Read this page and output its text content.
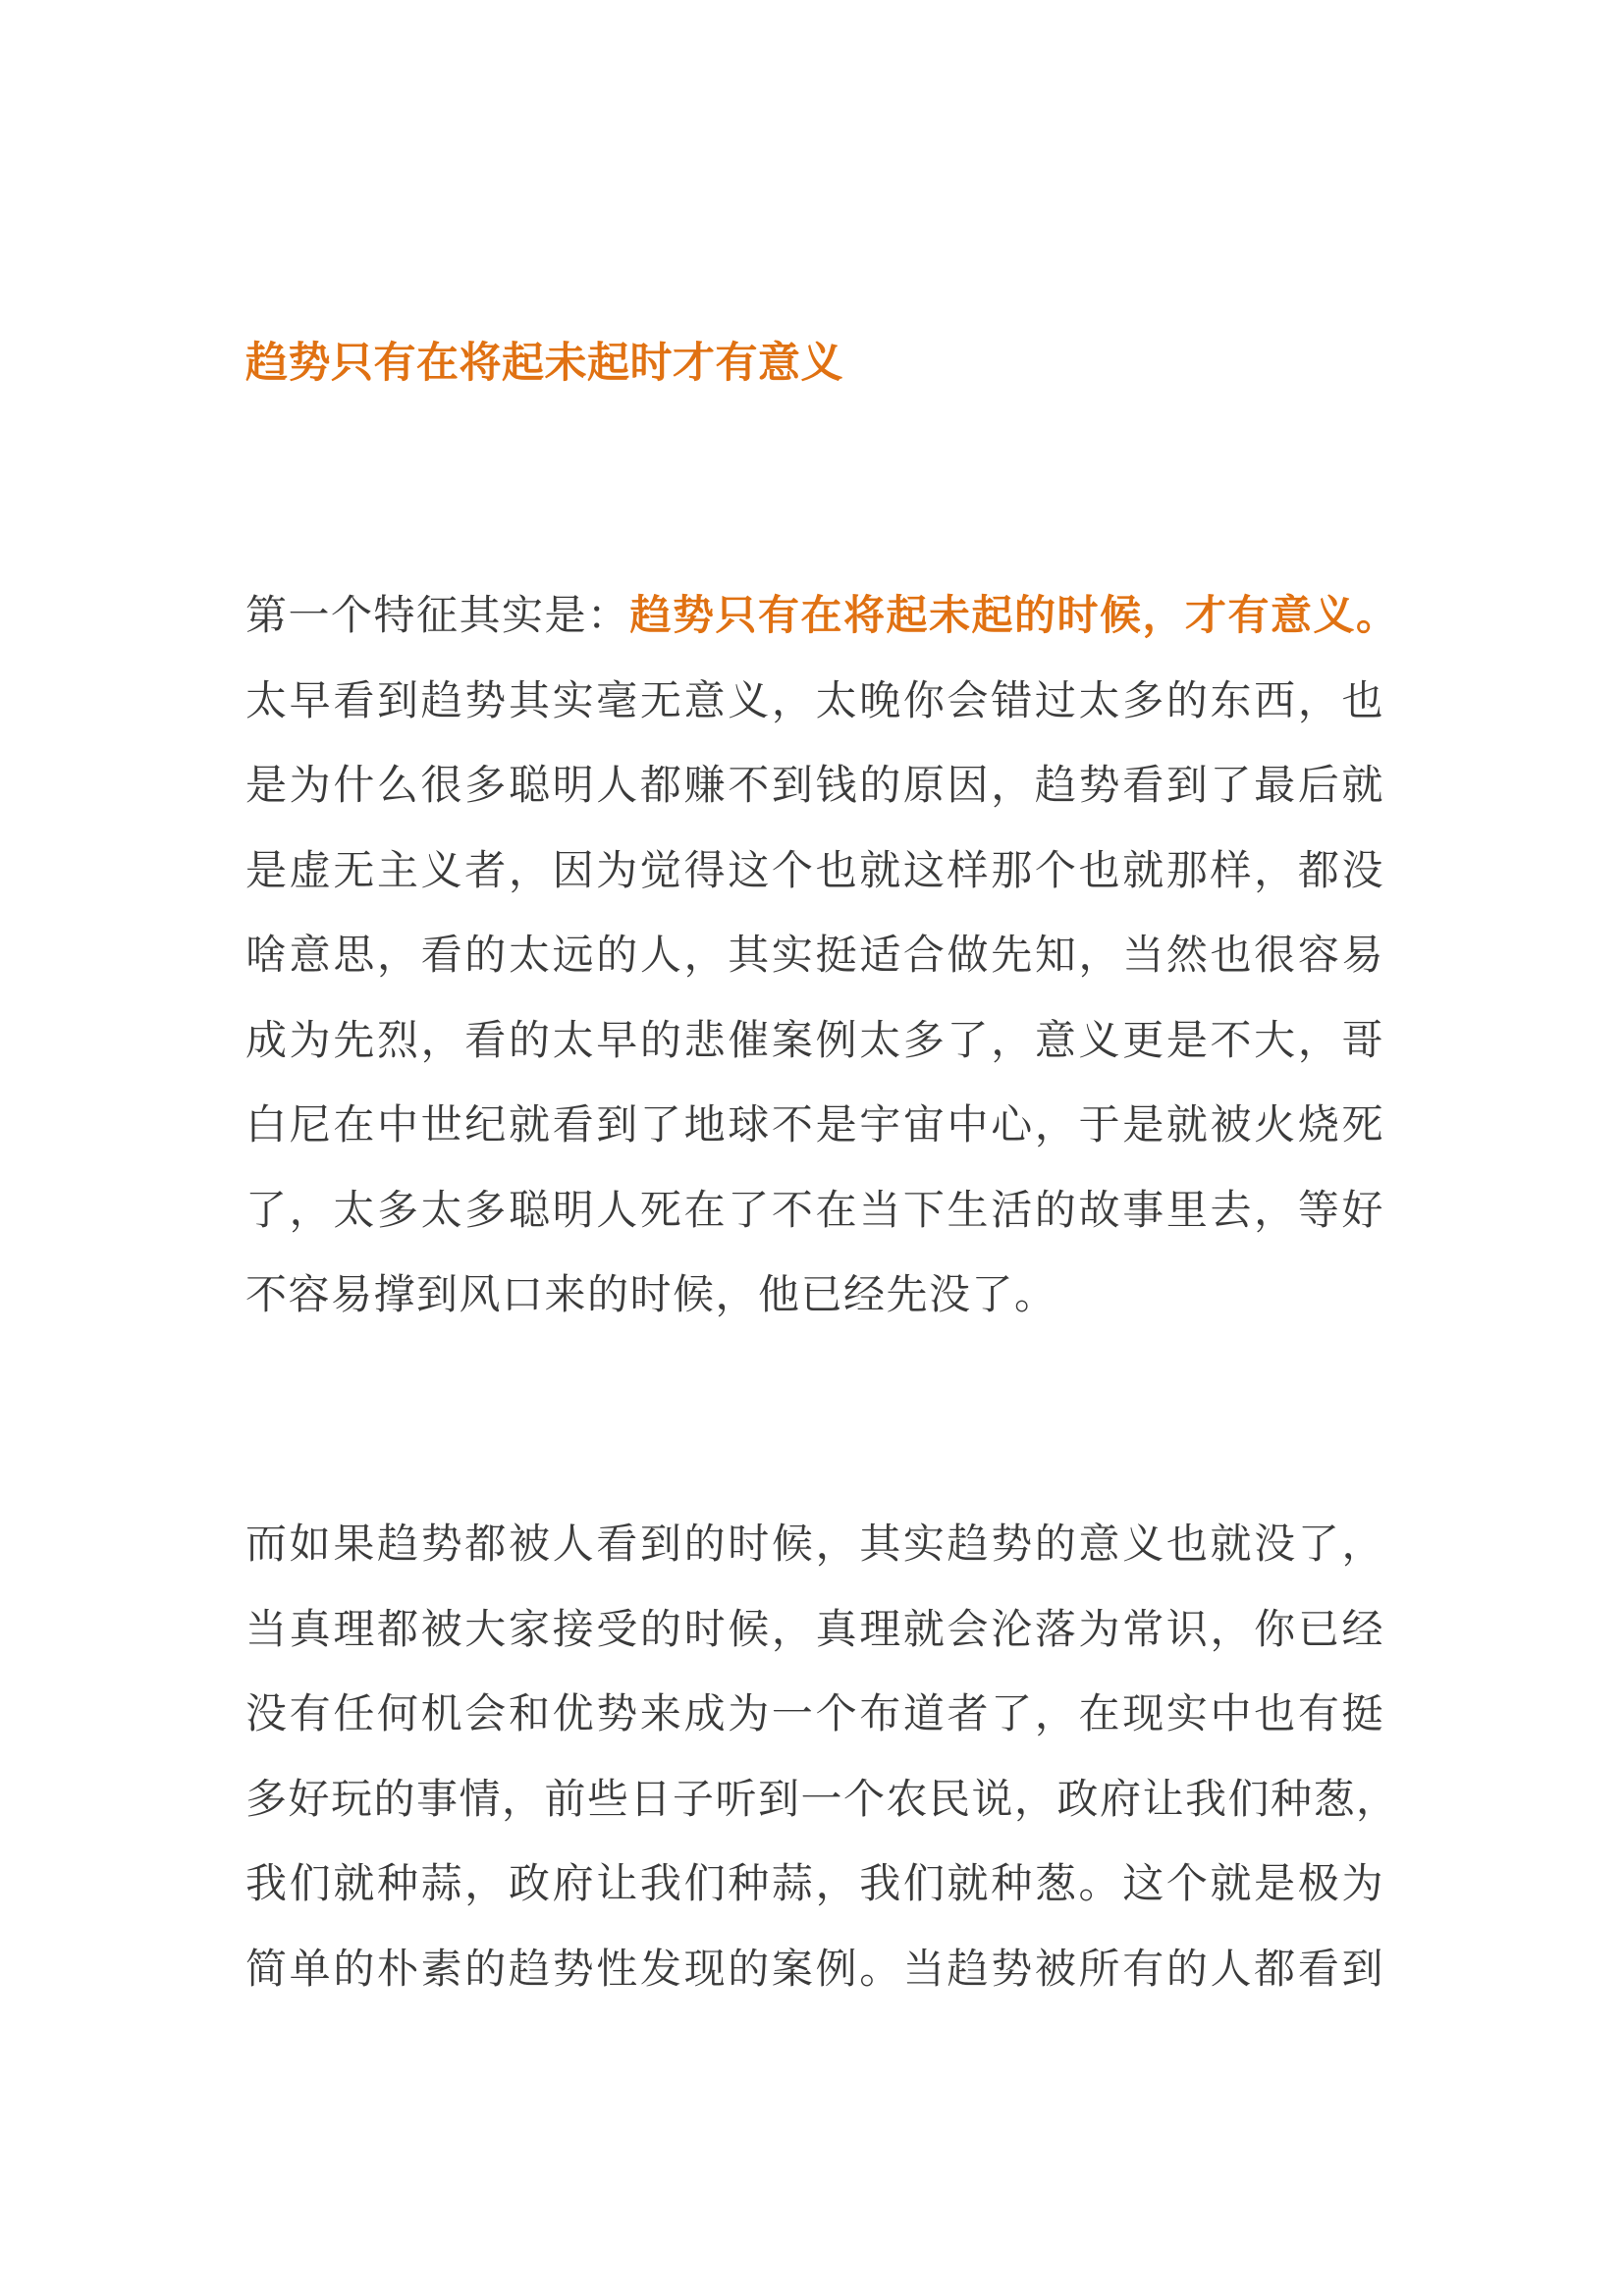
趋势只有在将起未起时才有意义
第一个特征其实是：趋势只有在将起未起的时候，才有意义。
太早看到趋势其实毫无意义，太晚你会错过太多的东西，也
是为什么很多聪明人都赚不到钱的原因，趋势看到了最后就
是虚无主义者，因为觉得这个也就这样那个也就那样，都没
啥意思，看的太远的人，其实挺适合做先知，当然也很容易
成为先烈，看的太早的悲催案例太多了，意义更是不大，哥
白尼在中世纪就看到了地球不是宇宙中心，于是就被火烧死
了，太多太多聪明人死在了不在当下生活的故事里去，等好
不容易撑到风口来的时候，他已经先没了。
而如果趋势都被人看到的时候，其实趋势的意义也就没了，
当真理都被大家接受的时候，真理就会沦落为常识，你已经
没有任何机会和优势来成为一个布道者了，在现实中也有挺
多好玩的事情，前些日子听到一个农民说，政府让我们种葱，
我们就种蒜，政府让我们种蒜，我们就种葱。这个就是极为
简单的朴素的趋势性发现的案例。当趋势被所有的人都看到
